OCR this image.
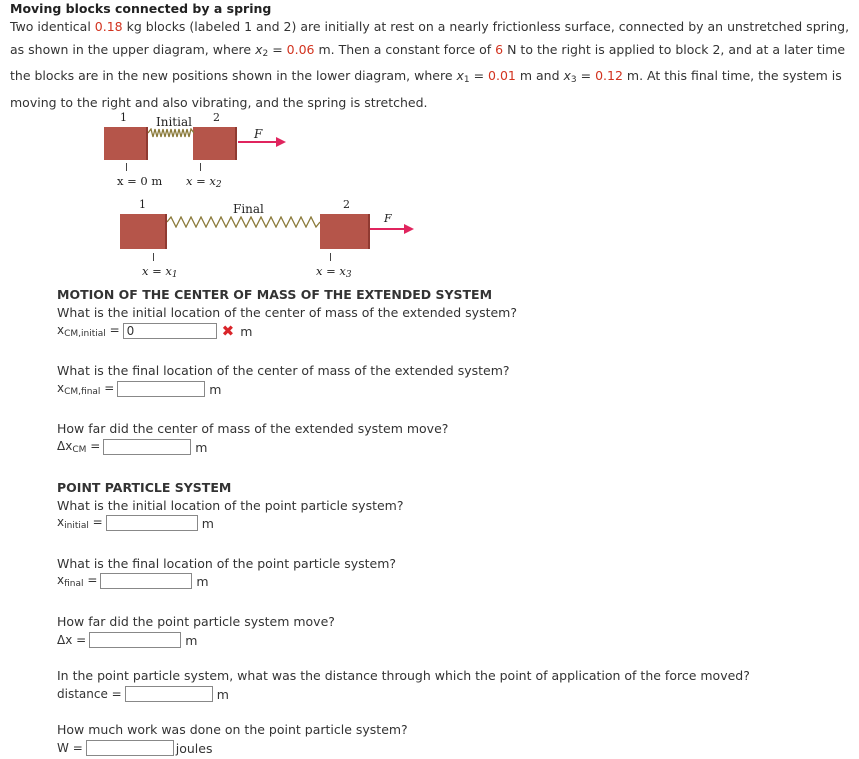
Moving blocks connected by a spring
Two identical 0.18 kg blocks (labeled 1 and 2) are initially at rest on a nearly frictionless surface, connected by an unstretched spring, as shown in the upper diagram, where $x_2 = 0.06$ m. Then a constant force of 6 N to the right is applied to block 2, and at a later time the blocks are in the new positions shown in the lower diagram, where $x_1 = 0.01$ m and $x_3 = 0.12$ m. At this final time, the system is moving to the right and also vibrating, and the spring is stretched.
1	2
Initial
F
x = 0 m $x = x_2$
1	2
Final
F
$x = x_1$	$x = x_3$
MOTION OF THE CENTER OF MASS OF THE EXTENDED SYSTEM
What is the initial location of the center of mass of the extended system?
$x_{CM,initial} = 0$	✖ m
What is the final location of the center of mass of the extended system?
$x_{CM,final}$ =	m
How far did the center of mass of the extended system move?
$\Delta x_{CM}$ =	m
POINT PARTICLE SYSTEM
What is the initial location of the point particle system?
$x_{initial}$ =	m
What is the final location of the point particle system?
$x_{final}$ =	m
How far did the point particle system move?
Δx =	m
In the point particle system, what was the distance through which the point of application of the force moved?
distance =	m
How much work was done on the point particle system?
W =	joules
